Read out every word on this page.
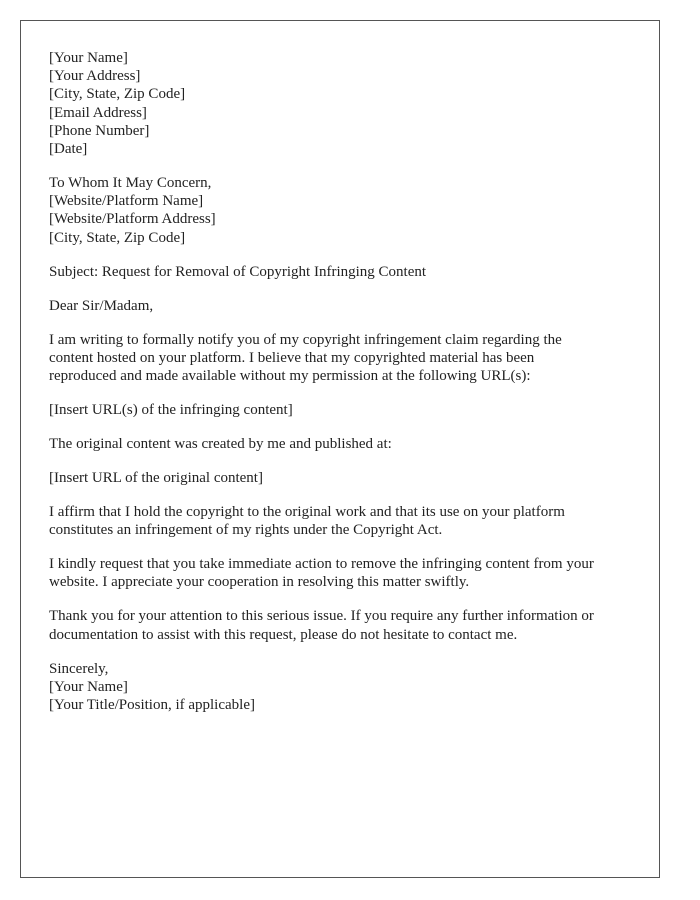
[Your Name]
[Your Address]
[City, State, Zip Code]
[Email Address]
[Phone Number]
[Date]
To Whom It May Concern,
[Website/Platform Name]
[Website/Platform Address]
[City, State, Zip Code]
Subject: Request for Removal of Copyright Infringing Content
Dear Sir/Madam,
I am writing to formally notify you of my copyright infringement claim regarding the
content hosted on your platform. I believe that my copyrighted material has been
reproduced and made available without my permission at the following URL(s):
[Insert URL(s) of the infringing content]
The original content was created by me and published at:
[Insert URL of the original content]
I affirm that I hold the copyright to the original work and that its use on your platform
constitutes an infringement of my rights under the Copyright Act.
I kindly request that you take immediate action to remove the infringing content from your
website. I appreciate your cooperation in resolving this matter swiftly.
Thank you for your attention to this serious issue. If you require any further information or
documentation to assist with this request, please do not hesitate to contact me.
Sincerely,
[Your Name]
[Your Title/Position, if applicable]
